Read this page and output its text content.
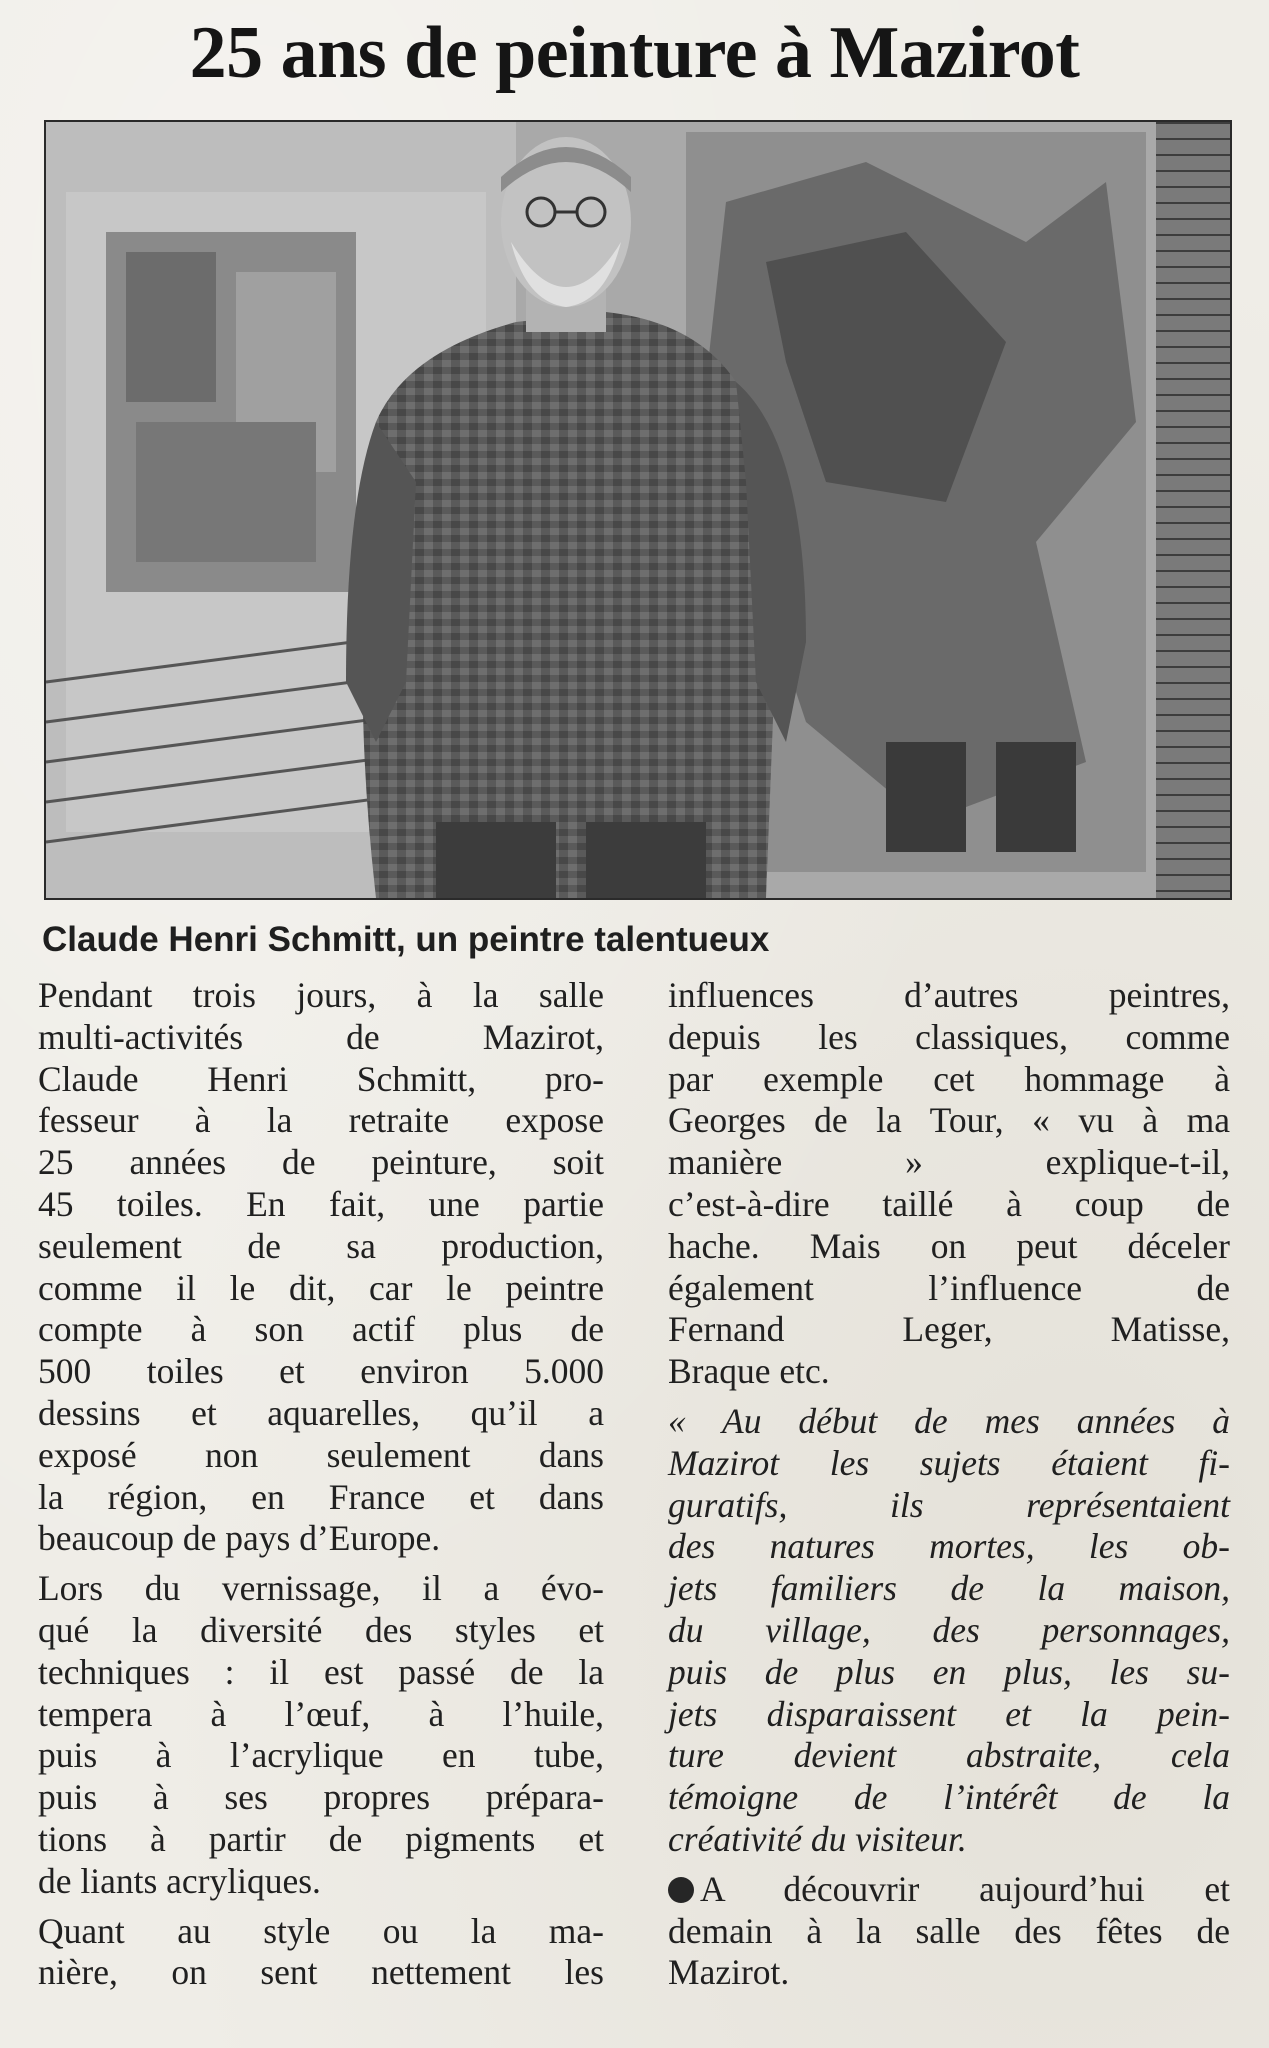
25 ans de peinture à Mazirot
Claude Henri Schmitt, un peintre talentueux
Pendant trois jours, à la salle
multi-activités de Mazirot,
Claude Henri Schmitt, pro-
fesseur à la retraite expose
25 années de peinture, soit
45 toiles. En fait, une partie
seulement de sa production,
comme il le dit, car le peintre
compte à son actif plus de
500 toiles et environ 5.000
dessins et aquarelles, qu’il a
exposé non seulement dans
la région, en France et dans
beaucoup de pays d’Europe.
Lors du vernissage, il a évo-
qué la diversité des styles et
techniques : il est passé de la
tempera à l’œuf, à l’huile,
puis à l’acrylique en tube,
puis à ses propres prépara-
tions à partir de pigments et
de liants acryliques.
Quant au style ou la ma-
nière, on sent nettement les
influences d’autres peintres,
depuis les classiques, comme
par exemple cet hommage à
Georges de la Tour, « vu à ma
manière » explique-t-il,
c’est-à-dire taillé à coup de
hache. Mais on peut déceler
également l’influence de
Fernand Leger, Matisse,
Braque etc.
« Au début de mes années à
Mazirot les sujets étaient fi-
guratifs, ils représentaient
des natures mortes, les ob-
jets familiers de la maison,
du village, des personnages,
puis de plus en plus, les su-
jets disparaissent et la pein-
ture devient abstraite, cela
témoigne de l’intérêt de la
créativité du visiteur.
A découvrir aujourd’hui et
demain à la salle des fêtes de
Mazirot.
